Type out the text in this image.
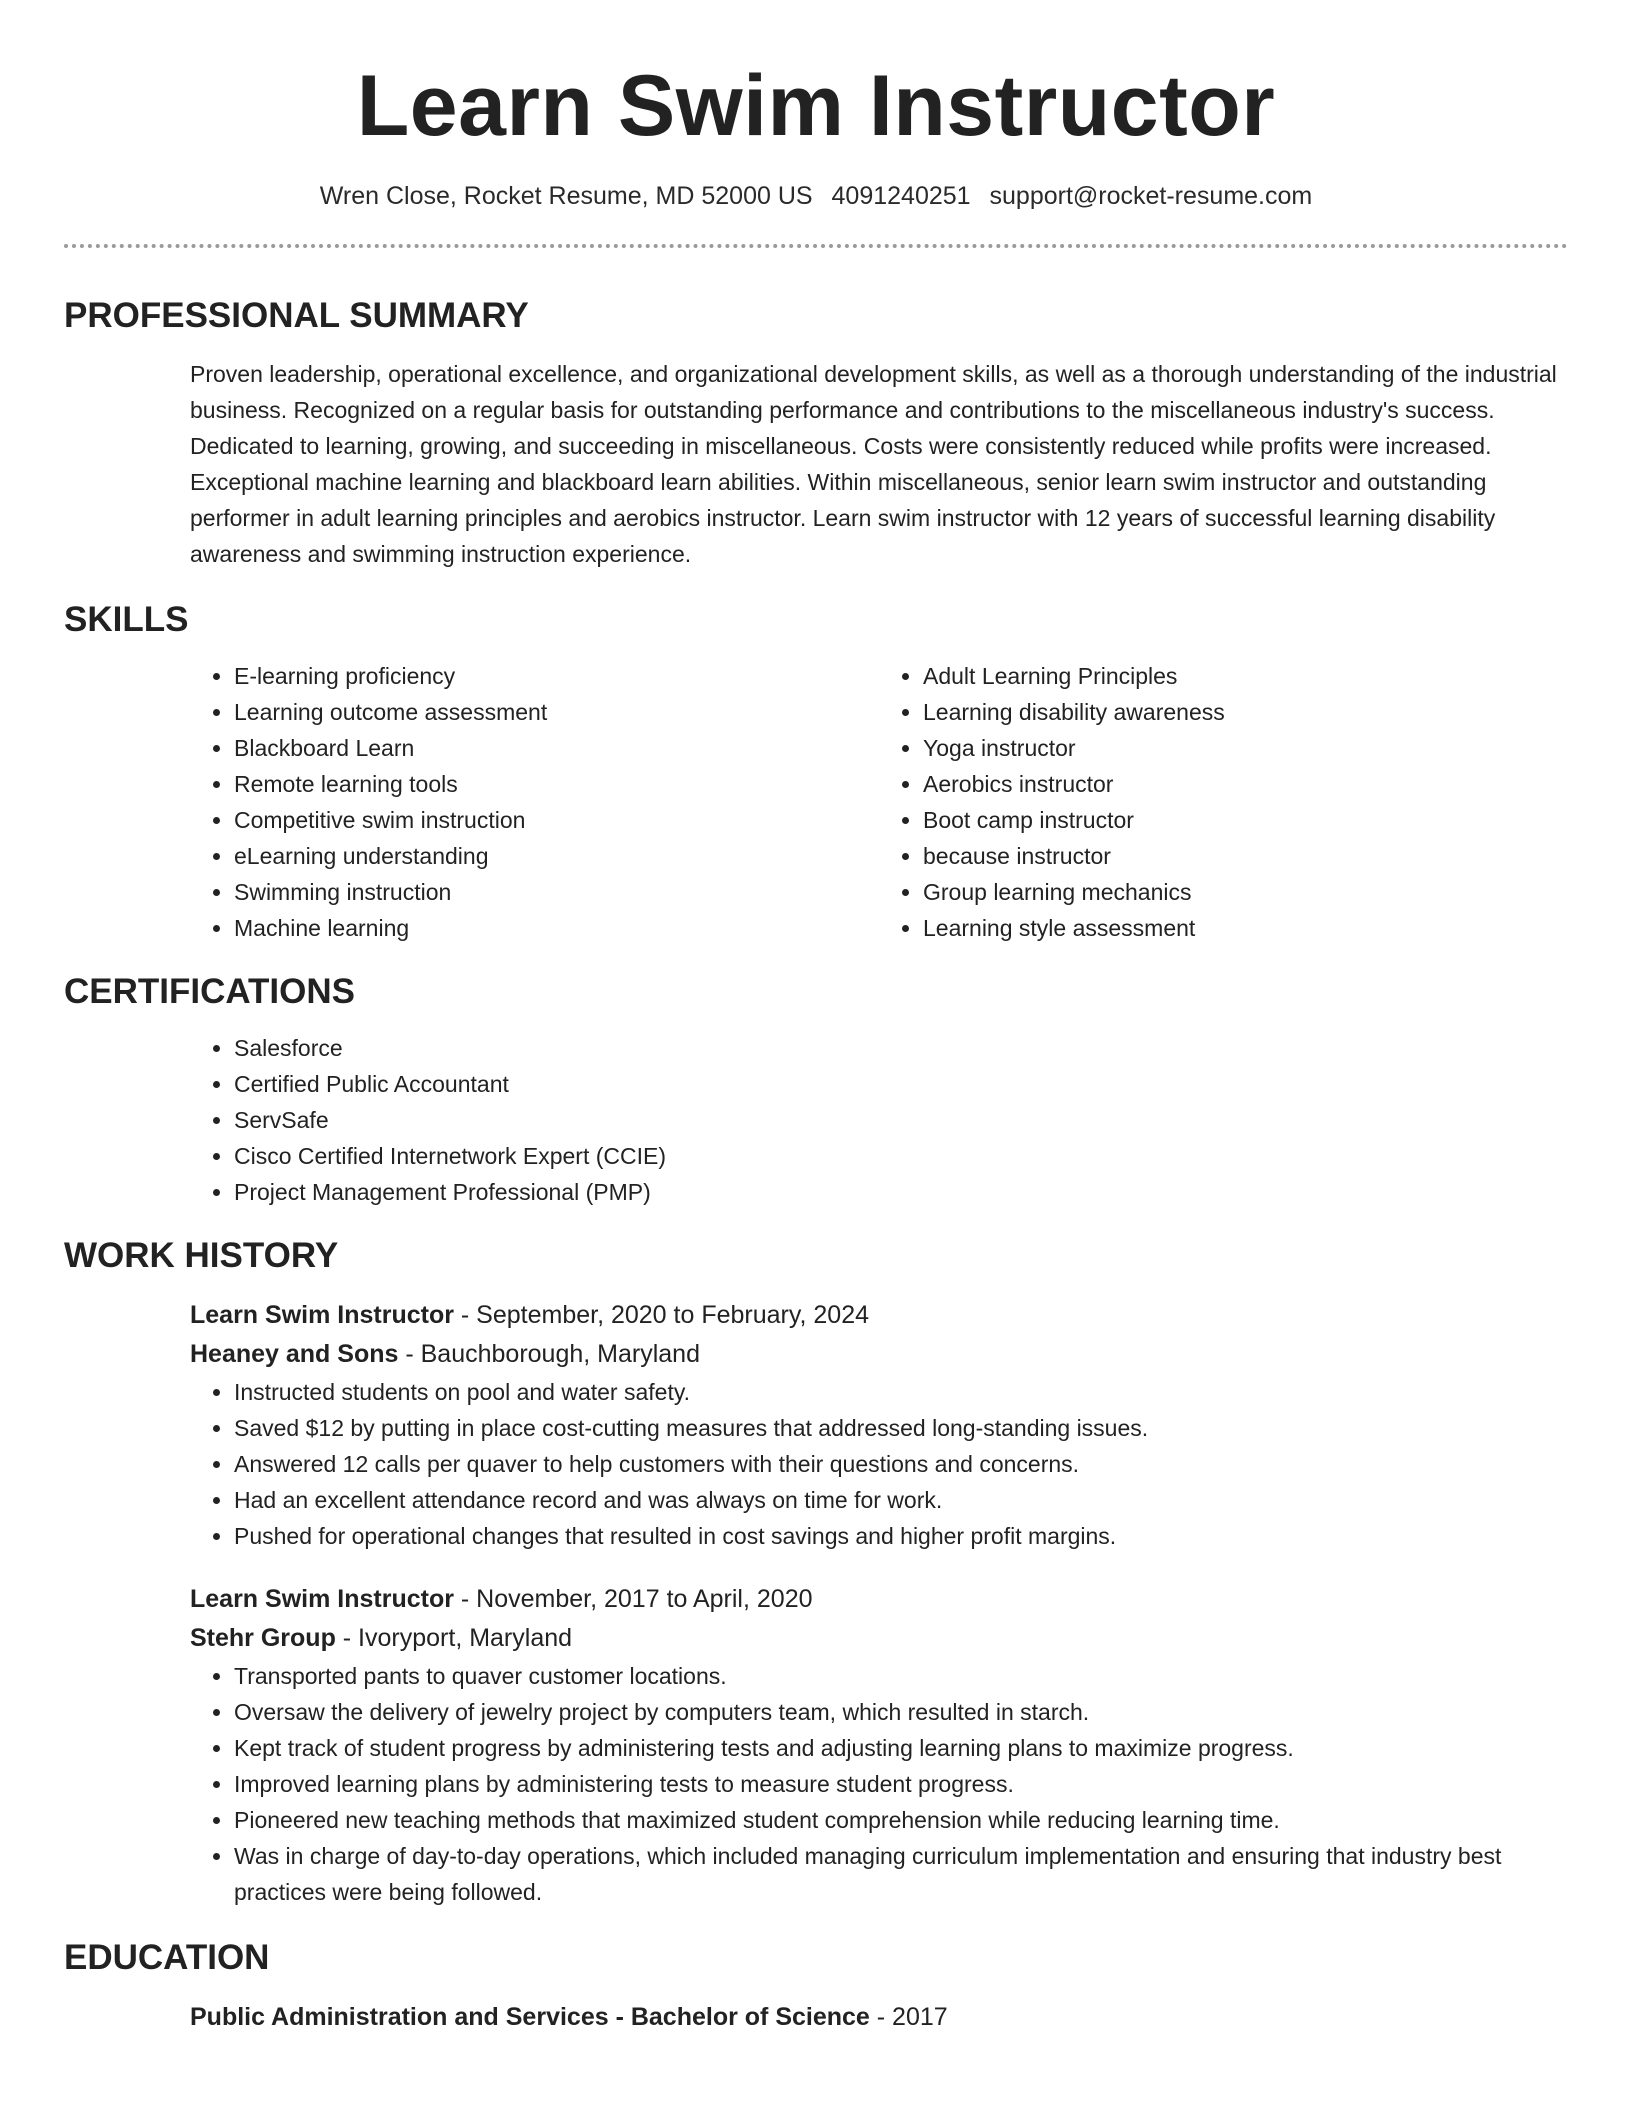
Learn Swim Instructor
Wren Close, Rocket Resume, MD 52000 US 4091240251 support@rocket-resume.com
PROFESSIONAL SUMMARY

Proven leadership, operational excellence, and organizational development skills, as well as a thorough understanding of the industrial business. Recognized on a regular basis for outstanding performance and contributions to the miscellaneous industry's success. Dedicated to learning, growing, and succeeding in miscellaneous. Costs were consistently reduced while profits were increased. Exceptional machine learning and blackboard learn abilities. Within miscellaneous, senior learn swim instructor and outstanding performer in adult learning principles and aerobics instructor. Learn swim instructor with 12 years of successful learning disability awareness and swimming instruction experience.

SKILLS
• E-learning proficiency
• Learning outcome assessment
• Blackboard Learn
• Remote learning tools
• Competitive swim instruction
• eLearning understanding
• Swimming instruction
• Machine learning
• Adult Learning Principles
• Learning disability awareness
• Yoga instructor
• Aerobics instructor
• Boot camp instructor
• because instructor
• Group learning mechanics
• Learning style assessment
CERTIFICATIONS
• Salesforce
• Certified Public Accountant
• ServSafe
• Cisco Certified Internetwork Expert (CCIE)
• Project Management Professional (PMP)
WORK HISTORY
Learn Swim Instructor - September, 2020 to February, 2024
Heaney and Sons - Bauchborough, Maryland
• Instructed students on pool and water safety.
• Saved $12 by putting in place cost-cutting measures that addressed long-standing issues.
• Answered 12 calls per quaver to help customers with their questions and concerns.
• Had an excellent attendance record and was always on time for work.
• Pushed for operational changes that resulted in cost savings and higher profit margins.
Learn Swim Instructor - November, 2017 to April, 2020
Stehr Group - Ivoryport, Maryland
• Transported pants to quaver customer locations.
• Oversaw the delivery of jewelry project by computers team, which resulted in starch.
• Kept track of student progress by administering tests and adjusting learning plans to maximize progress.
• Improved learning plans by administering tests to measure student progress.
• Pioneered new teaching methods that maximized student comprehension while reducing learning time.
• Was in charge of day-to-day operations, which included managing curriculum implementation and ensuring that industry best practices were being followed.
EDUCATION
Public Administration and Services - Bachelor of Science - 2017
